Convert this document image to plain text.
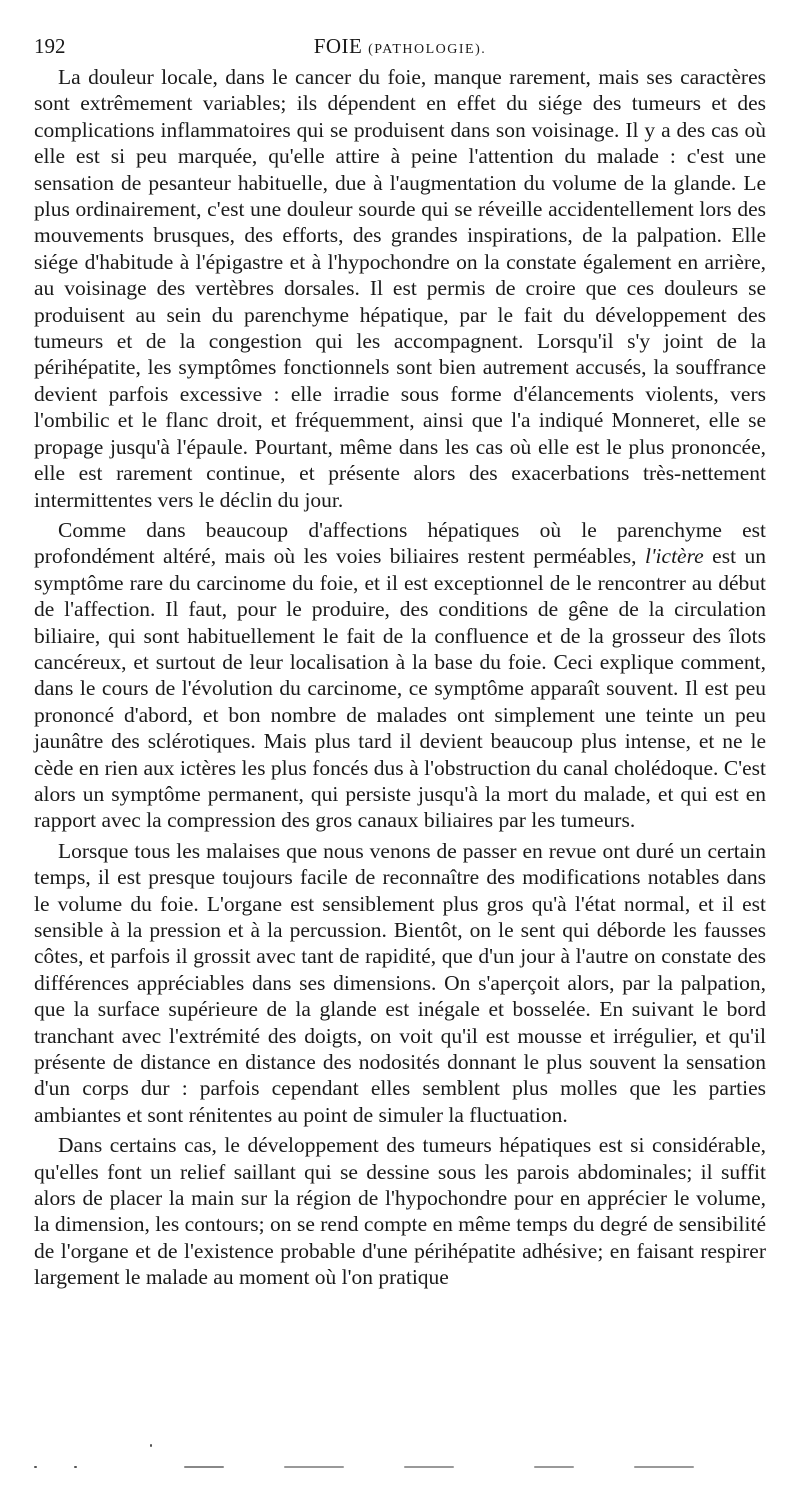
192	FOIE (PATHOLOGIE).

La douleur locale, dans le cancer du foie, manque rarement, mais ses caractères sont extrêmement variables; ils dépendent en effet du siége des tumeurs et des complications inflammatoires qui se produisent dans son voisinage. Il y a des cas où elle est si peu marquée, qu'elle attire à peine l'attention du malade : c'est une sensation de pesanteur habituelle, due à l'augmentation du volume de la glande. Le plus ordinairement, c'est une douleur sourde qui se réveille accidentellement lors des mouvements brusques, des efforts, des grandes inspirations, de la palpation. Elle siége d'habitude à l'épigastre et à l'hypochondre on la constate également en arrière, au voisinage des vertèbres dorsales. Il est permis de croire que ces douleurs se produisent au sein du parenchyme hépatique, par le fait du développement des tumeurs et de la congestion qui les accompagnent. Lorsqu'il s'y joint de la périhépatite, les symptômes fonctionnels sont bien autrement accusés, la souffrance devient parfois excessive : elle irradie sous forme d'élancements violents, vers l'ombilic et le flanc droit, et fréquemment, ainsi que l'a indiqué Monneret, elle se propage jusqu'à l'épaule. Pourtant, même dans les cas où elle est le plus prononcée, elle est rarement continue, et présente alors des exacerbations très-nettement intermittentes vers le déclin du jour.

Comme dans beaucoup d'affections hépatiques où le parenchyme est profondément altéré, mais où les voies biliaires restent perméables, l'ictère est un symptôme rare du carcinome du foie, et il est exceptionnel de le rencontrer au début de l'affection. Il faut, pour le produire, des conditions de gêne de la circulation biliaire, qui sont habituellement le fait de la confluence et de la grosseur des îlots cancéreux, et surtout de leur localisation à la base du foie. Ceci explique comment, dans le cours de l'évolution du carcinome, ce symptôme apparaît souvent. Il est peu prononcé d'abord, et bon nombre de malades ont simplement une teinte un peu jaunâtre des sclérotiques. Mais plus tard il devient beaucoup plus intense, et ne le cède en rien aux ictères les plus foncés dus à l'obstruction du canal cholédoque. C'est alors un symptôme permanent, qui persiste jusqu'à la mort du malade, et qui est en rapport avec la compression des gros canaux biliaires par les tumeurs.

Lorsque tous les malaises que nous venons de passer en revue ont duré un certain temps, il est presque toujours facile de reconnaître des modifications notables dans le volume du foie. L'organe est sensiblement plus gros qu'à l'état normal, et il est sensible à la pression et à la percussion. Bientôt, on le sent qui déborde les fausses côtes, et parfois il grossit avec tant de rapidité, que d'un jour à l'autre on constate des différences appréciables dans ses dimensions. On s'aperçoit alors, par la palpation, que la surface supérieure de la glande est inégale et bosselée. En suivant le bord tranchant avec l'extrémité des doigts, on voit qu'il est mousse et irrégulier, et qu'il présente de distance en distance des nodosités donnant le plus souvent la sensation d'un corps dur : parfois cependant elles semblent plus molles que les parties ambiantes et sont rénitentes au point de simuler la fluctuation.

Dans certains cas, le développement des tumeurs hépatiques est si considérable, qu'elles font un relief saillant qui se dessine sous les parois abdominales; il suffit alors de placer la main sur la région de l'hypochondre pour en apprécier le volume, la dimension, les contours; on se rend compte en même temps du degré de sensibilité de l'organe et de l'existence probable d'une périhépatite adhésive; en faisant respirer largement le malade au moment où l'on pratique
